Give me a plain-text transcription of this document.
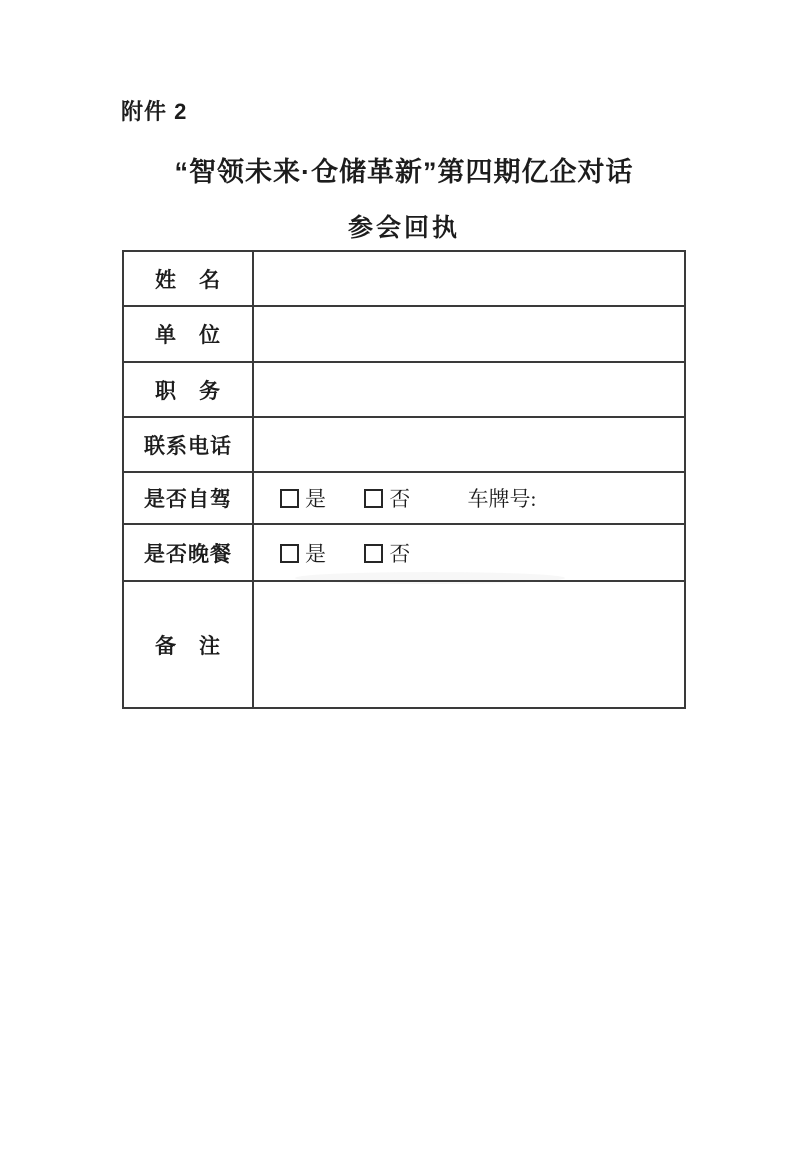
附件 2
“智领未来·仓储革新”第四期亿企对话
参会回执
姓　名	
单　位	
职　务	
联系电话	
是否自驾	是 否 车牌号:
是否晚餐	是 否
备　注	
